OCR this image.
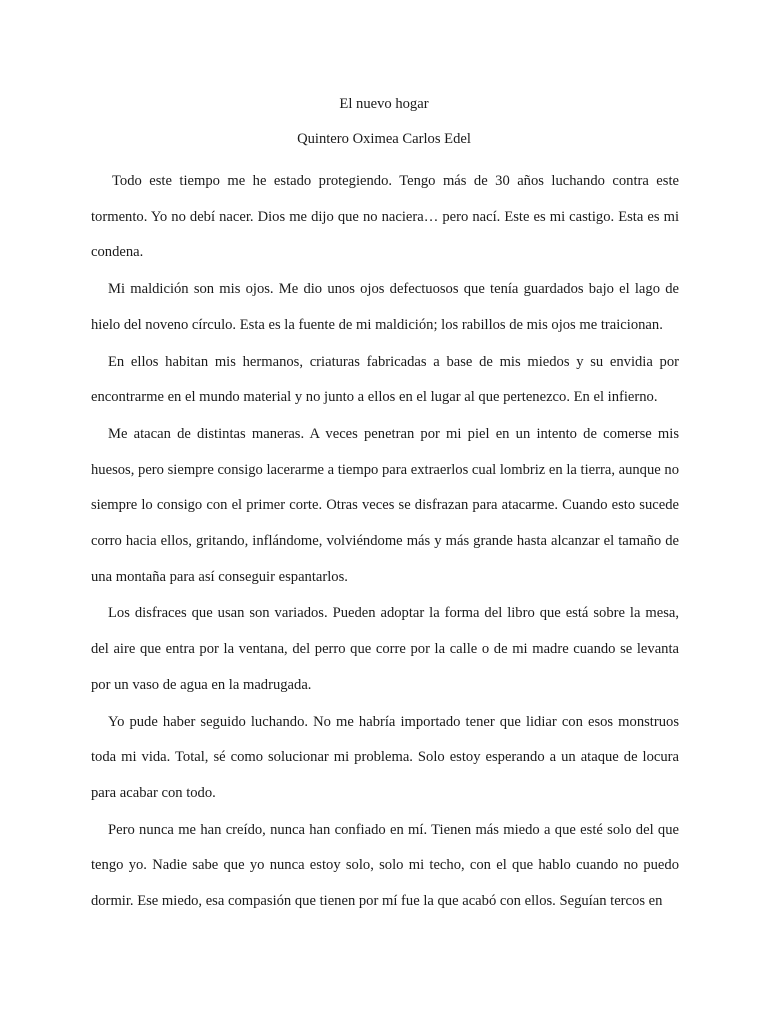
El nuevo hogar
Quintero Oximea Carlos Edel

Todo este tiempo me he estado protegiendo. Tengo más de 30 años luchando contra este tormento. Yo no debí nacer. Dios me dijo que no naciera… pero nací. Este es mi castigo. Esta es mi condena.

Mi maldición son mis ojos. Me dio unos ojos defectuosos que tenía guardados bajo el lago de hielo del noveno círculo. Esta es la fuente de mi maldición; los rabillos de mis ojos me traicionan.

En ellos habitan mis hermanos, criaturas fabricadas a base de mis miedos y su envidia por encontrarme en el mundo material y no junto a ellos en el lugar al que pertenezco. En el infierno.

Me atacan de distintas maneras. A veces penetran por mi piel en un intento de comerse mis huesos, pero siempre consigo lacerarme a tiempo para extraerlos cual lombriz en la tierra, aunque no siempre lo consigo con el primer corte. Otras veces se disfrazan para atacarme. Cuando esto sucede corro hacia ellos, gritando, inflándome, volviéndome más y más grande hasta alcanzar el tamaño de una montaña para así conseguir espantarlos.

Los disfraces que usan son variados. Pueden adoptar la forma del libro que está sobre la mesa, del aire que entra por la ventana, del perro que corre por la calle o de mi madre cuando se levanta por un vaso de agua en la madrugada.

Yo pude haber seguido luchando. No me habría importado tener que lidiar con esos monstruos toda mi vida. Total, sé como solucionar mi problema. Solo estoy esperando a un ataque de locura para acabar con todo.

Pero nunca me han creído, nunca han confiado en mí. Tienen más miedo a que esté solo del que tengo yo. Nadie sabe que yo nunca estoy solo, solo mi techo, con el que hablo cuando no puedo dormir. Ese miedo, esa compasión que tienen por mí fue la que acabó con ellos. Seguían tercos en
